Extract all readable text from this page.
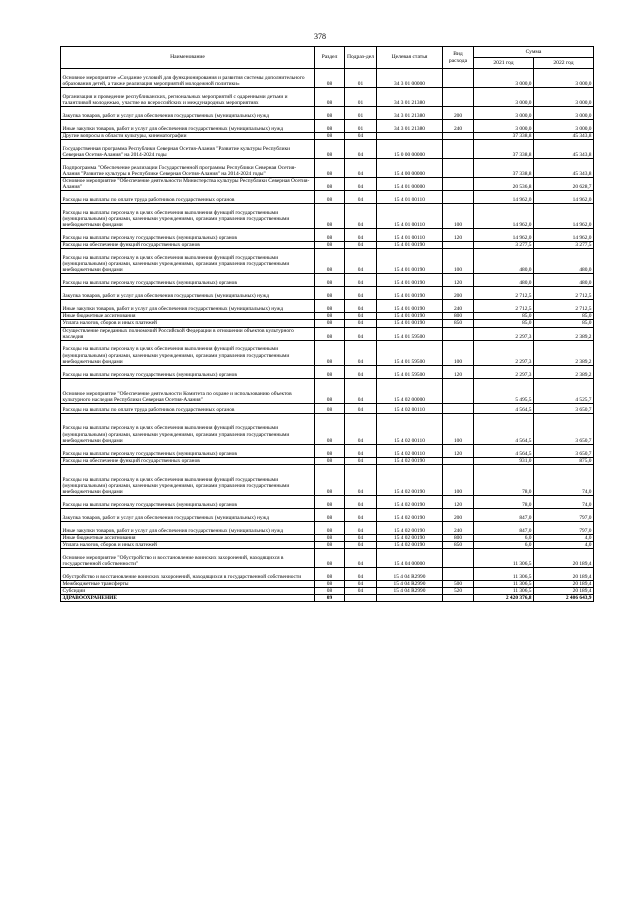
378
Наименование	Раздел	Подраз-дел	Целевая статья	Вид расхода	Сумма	
					2021 год	2022 год
Основное мероприятие «Создание условий для функционирования и развития системы дополнительного образования детей, а также реализация мероприятий молодежной политики»	08	01	34 3 01 00000		3 000,0	3 000,0
Организация и проведение республиканских, региональных мероприятий с одаренными детьми и талантливой молодежью, участие во всероссийских и международных мероприятиях	08	01	34 3 01 21380		3 000,0	3 000,0
Закупка товаров, работ и услуг для обеспечения государственных (муниципальных) нужд	08	01	34 3 01 21380	200	3 000,0	3 000,0
Иные закупки товаров, работ и услуг для обеспечения государственных (муниципальных) нужд	08	01	34 3 01 21380	240	3 000,0	3 000,0
Другие вопросы в области культуры, кинематографии	08	04			37 338,8	45 343,8
Государственная программа Республики Северная Осетия-Алания "Развитие культуры Республики Северная Осетия-Алания" на 2014-2024 годы	08	04	15 0 00 00000		37 338,8	45 343,8
Подпрограмма "Обеспечение реализации Государственной программы Республики Северная Осетия-Алания "Развитие культуры в Республике Северная Осетия-Алания" на 2014-2024 годы"	08	04	15 4 00 00000		37 338,8	45 343,8
Основное мероприятие "Обеспечение деятельности Министерства культуры Республики Северная Осетия-Алания"	08	04	15 4 01 00000		20 536,8	20 628,7
Расходы на выплаты по оплате труда работников государственных органов	08	04	15 4 01 00110		14 962,0	14 962,0
Расходы на выплаты персоналу в целях обеспечения выполнения функций государственными (муниципальными) органами, казенными учреждениями, органами управления государственными внебюджетными фондами	08	04	15 4 01 00110	100	14 962,0	14 962,0
Расходы на выплаты персоналу государственных (муниципальных) органов	08	04	15 4 01 00110	120	14 962,0	14 962,0
Расходы на обеспечение функций государственных органов	08	04	15 4 01 00190		3 277,5	3 277,5
Расходы на выплаты персоналу в целях обеспечения выполнения функций государственными (муниципальными) органами, казенными учреждениями, органами управления государственными внебюджетными фондами	08	04	15 4 01 00190	100	480,0	480,0
Расходы на выплаты персоналу государственных (муниципальных) органов	08	04	15 4 01 00190	120	480,0	480,0
Закупка товаров, работ и услуг для обеспечения государственных (муниципальных) нужд	08	04	15 4 01 00190	200	2 712,5	2 712,5
Иные закупки товаров, работ и услуг для обеспечения государственных (муниципальных) нужд	08	04	15 4 01 00190	240	2 712,5	2 712,5
Иные бюджетные ассигнования	08	04	15 4 01 00190	800	85,0	85,0
Уплата налогов, сборов и иных платежей	08	04	15 4 01 00190	850	85,0	85,0
Осуществление переданных полномочий Российской Федерации в отношении объектов культурного наследия	08	04	15 4 01 59500		2 297,3	2 389,2
Расходы на выплаты персоналу в целях обеспечения выполнения функций государственными (муниципальными) органами, казенными учреждениями, органами управления государственными внебюджетными фондами	08	04	15 4 01 59500	100	2 297,3	2 389,2
Расходы на выплаты персоналу государственных (муниципальных) органов	08	04	15 4 01 59500	120	2 297,3	2 389,2
Основное мероприятие "Обеспечение деятельности Комитета по охране и использованию объектов культурного наследия Республики Северная Осетия-Алания"	08	04	15 4 02 00000		5 495,5	4 525,7
Расходы на выплаты по оплате труда работников государственных органов	08	04	15 4 02 00110		4 564,5	3 650,7
Расходы на выплаты персоналу в целях обеспечения выполнения функций государственными (муниципальными) органами, казенными учреждениями, органами управления государственными внебюджетными фондами	08	04	15 4 02 00110	100	4 564,5	3 650,7
Расходы на выплаты персоналу государственных (муниципальных) органов	08	04	15 4 02 00110	120	4 564,5	3 650,7
Расходы на обеспечение функций государственных органов	08	04	15 4 02 00190		931,0	875,0
Расходы на выплаты персоналу в целях обеспечения выполнения функций государственными (муниципальными) органами, казенными учреждениями, органами управления государственными внебюджетными фондами	08	04	15 4 02 00190	100	78,0	74,0
Расходы на выплаты персоналу государственных (муниципальных) органов	08	04	15 4 02 00190	120	78,0	74,0
Закупка товаров, работ и услуг для обеспечения государственных (муниципальных) нужд	08	04	15 4 02 00190	200	847,0	797,0
Иные закупки товаров, работ и услуг для обеспечения государственных (муниципальных) нужд	08	04	15 4 02 00190	240	847,0	797,0
Иные бюджетные ассигнования	08	04	15 4 02 00190	800	6,0	4,0
Уплата налогов, сборов и иных платежей	08	04	15 4 02 00190	850	6,0	4,0
Основное мероприятие "Обустройство и восстановление воинских захоронений, находящихся в государственной собственности"	08	04	15 4 04 00000		11 306,5	20 189,4
Обустройство и восстановление воинских захоронений, находящихся в государственной собственности	08	04	15 4 04 R2990		11 306,5	20 189,4
Межбюджетные трансферты	08	04	15 4 04 R2990	500	11 306,5	20 189,4
Субсидии	08	04	15 4 04 R2990	520	11 306,5	20 189,4
ЗДРАВООХРАНЕНИЕ	09				2 420 376,8	2 406 643,9
